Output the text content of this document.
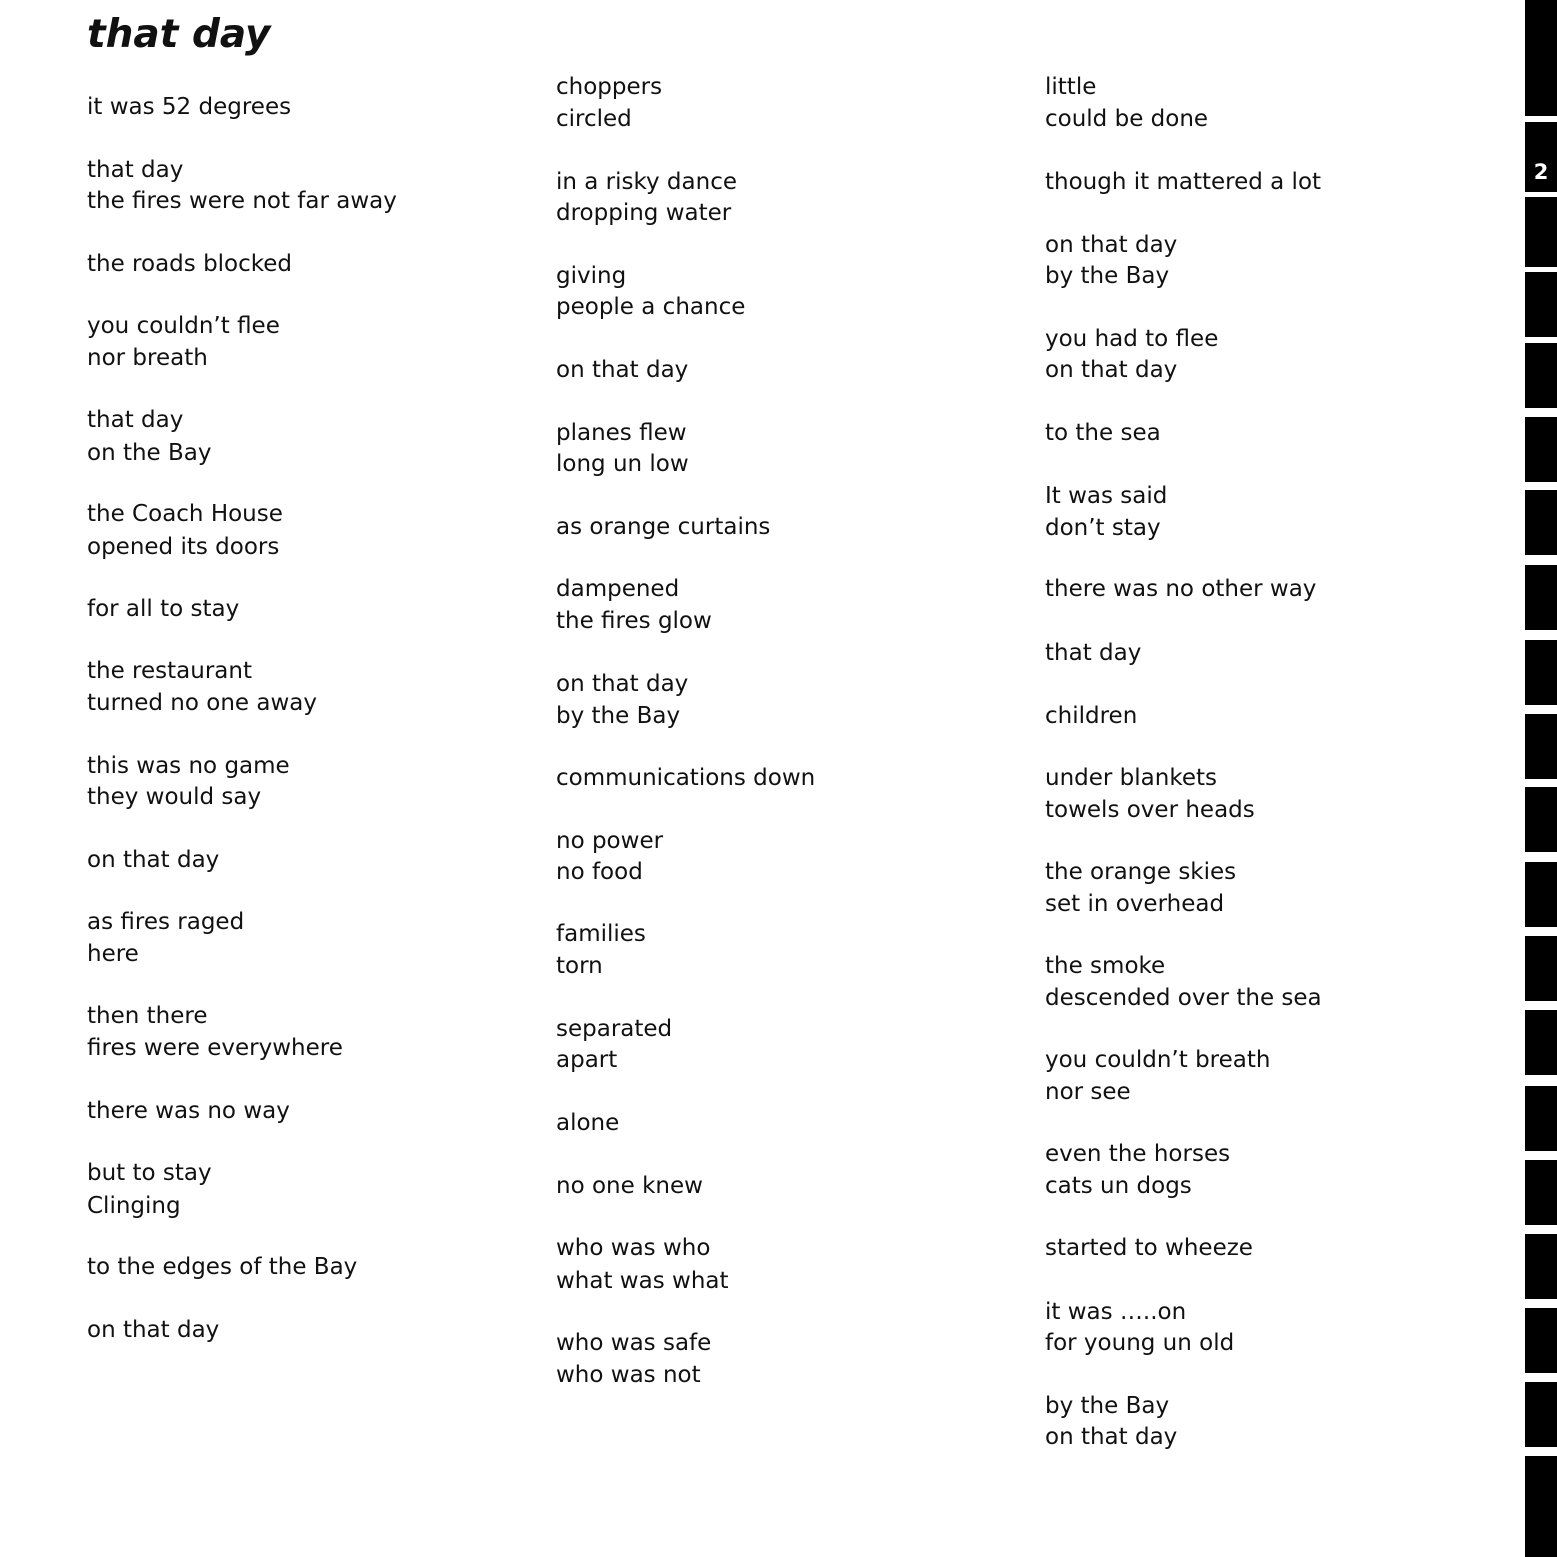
that day
it was 52 degrees
that day
the fires were not far away
the roads blocked
you couldn’t flee
nor breath
that day
on the Bay
the Coach House
opened its doors
for all to stay
the restaurant
turned no one away
this was no game
they would say
on that day
as fires raged
here
then there
fires were everywhere
there was no way
but to stay
Clinging
to the edges of the Bay
on that day
choppers
circled
in a risky dance
dropping water
giving
people a chance
on that day
planes flew
long un low
as orange curtains
dampened
the fires glow
on that day
by the Bay
communications down
no power
no food
families
torn
separated
apart
alone
no one knew
who was who
what was what
who was safe
who was not
little
could be done
though it mattered a lot
on that day
by the Bay
you had to flee
on that day
to the sea
It was said
don’t stay
there was no other way
that day
children
under blankets
towels over heads
the orange skies
set in overhead
the smoke
descended over the sea
you couldn’t breath
nor see
even the horses
cats un dogs
started to wheeze
it was …..on
for young un old
by the Bay
on that day
2
